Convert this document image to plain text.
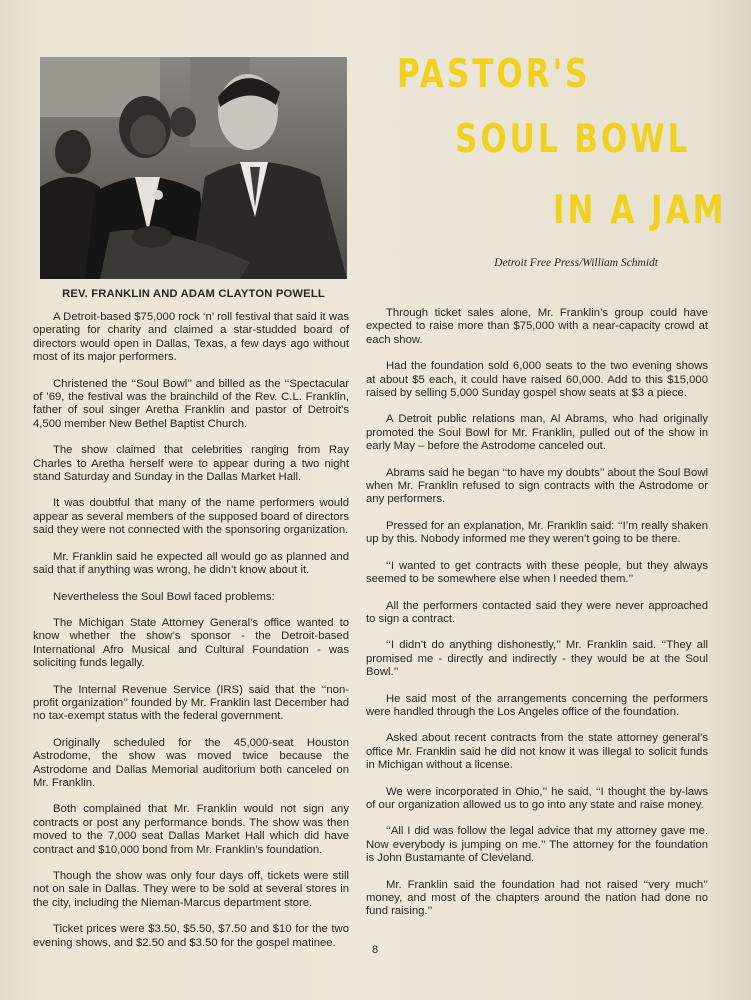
REV. FRANKLIN AND ADAM CLAYTON POWELL
PASTOR'S
SOUL BOWL
IN A JAM
Detroit Free Press/William Schmidt

A Detroit-based $75,000 rock ‘n’ roll festival that said it was operating for charity and claimed a star-studded board of directors would open in Dallas, Texas, a few days ago without most of its major performers.

Christened the ‘‘Soul Bowl’’ and billed as the ‘‘Spectacular of ’69, the festival was the brainchild of the Rev. C.L. Franklin, father of soul singer Aretha Franklin and pastor of Detroit’s 4,500 member New Bethel Baptist Church.

The show claimed that celebrities ranging from Ray Charles to Aretha herself were to appear during a two night stand Saturday and Sunday in the Dallas Market Hall.

It was doubtful that many of the name performers would appear as several members of the supposed board of directors said they were not connected with the sponsoring organization.

Mr. Franklin said he expected all would go as planned and said that if anything was wrong, he didn’t know about it.

Nevertheless the Soul Bowl faced problems:

The Michigan State Attorney General’s office wanted to know whether the show’s sponsor - the Detroit-based International Afro Musical and Cultural Foundation - was soliciting funds legally.

The Internal Revenue Service (IRS) said that the ‘‘non-profit organization’’ founded by Mr. Franklin last December had no tax-exempt status with the federal government.

Originally scheduled for the 45,000-seat Houston Astrodome, the show was moved twice because the Astrodome and Dallas Memorial auditorium both canceled on Mr. Franklin.

Both complained that Mr. Franklin would not sign any contracts or post any performance bonds. The show was then moved to the 7,000 seat Dallas Market Hall which did have contract and $10,000 bond from Mr. Franklin’s foundation.

Though the show was only four days off, tickets were still not on sale in Dallas. They were to be sold at several stores in the city, including the Nieman-Marcus department store.

Ticket prices were $3.50, $5.50, $7.50 and $10 for the two evening shows, and $2.50 and $3.50 for the gospel matinee.

Through ticket sales alone, Mr. Franklin’s group could have expected to raise more than $75,000 with a near-capacity crowd at each show.

Had the foundation sold 6,000 seats to the two evening shows at about $5 each, it could have raised 60,000. Add to this $15,000 raised by selling 5,000 Sunday gospel show seats at $3 a piece.

A Detroit public relations man, Al Abrams, who had originally promoted the Soul Bowl for Mr. Franklin, pulled out of the show in early May – before the Astrodome canceled out.

Abrams said he began ‘‘to have my doubts’’ about the Soul Bowl when Mr. Franklin refused to sign contracts with the Astrodome or any performers.

Pressed for an explanation, Mr. Franklin said: ‘‘I’m really shaken up by this. Nobody informed me they weren’t going to be there.

‘‘I wanted to get contracts with these people, but they always seemed to be somewhere else when I needed them.’’

All the performers contacted said they were never approached to sign a contract.

‘‘I didn’t do anything dishonestly,’’ Mr. Franklin said. ‘‘They all promised me - directly and indirectly - they would be at the Soul Bowl.’’

He said most of the arrangements concerning the performers were handled through the Los Angeles office of the foundation.

Asked about recent contracts from the state attorney general’s office Mr. Franklin said he did not know it was illegal to solicit funds in Michigan without a license.

We were incorporated in Ohio,’’ he said, ‘‘I thought the by-laws of our organization allowed us to go into any state and raise money.

‘‘All I did was follow the legal advice that my attorney gave me. Now everybody is jumping on me.’’ The attorney for the foundation is John Bustamante of Cleveland.

Mr. Franklin said the foundation had not raised ‘‘very much’’ money, and most of the chapters around the nation had done no fund raising.’’

8
